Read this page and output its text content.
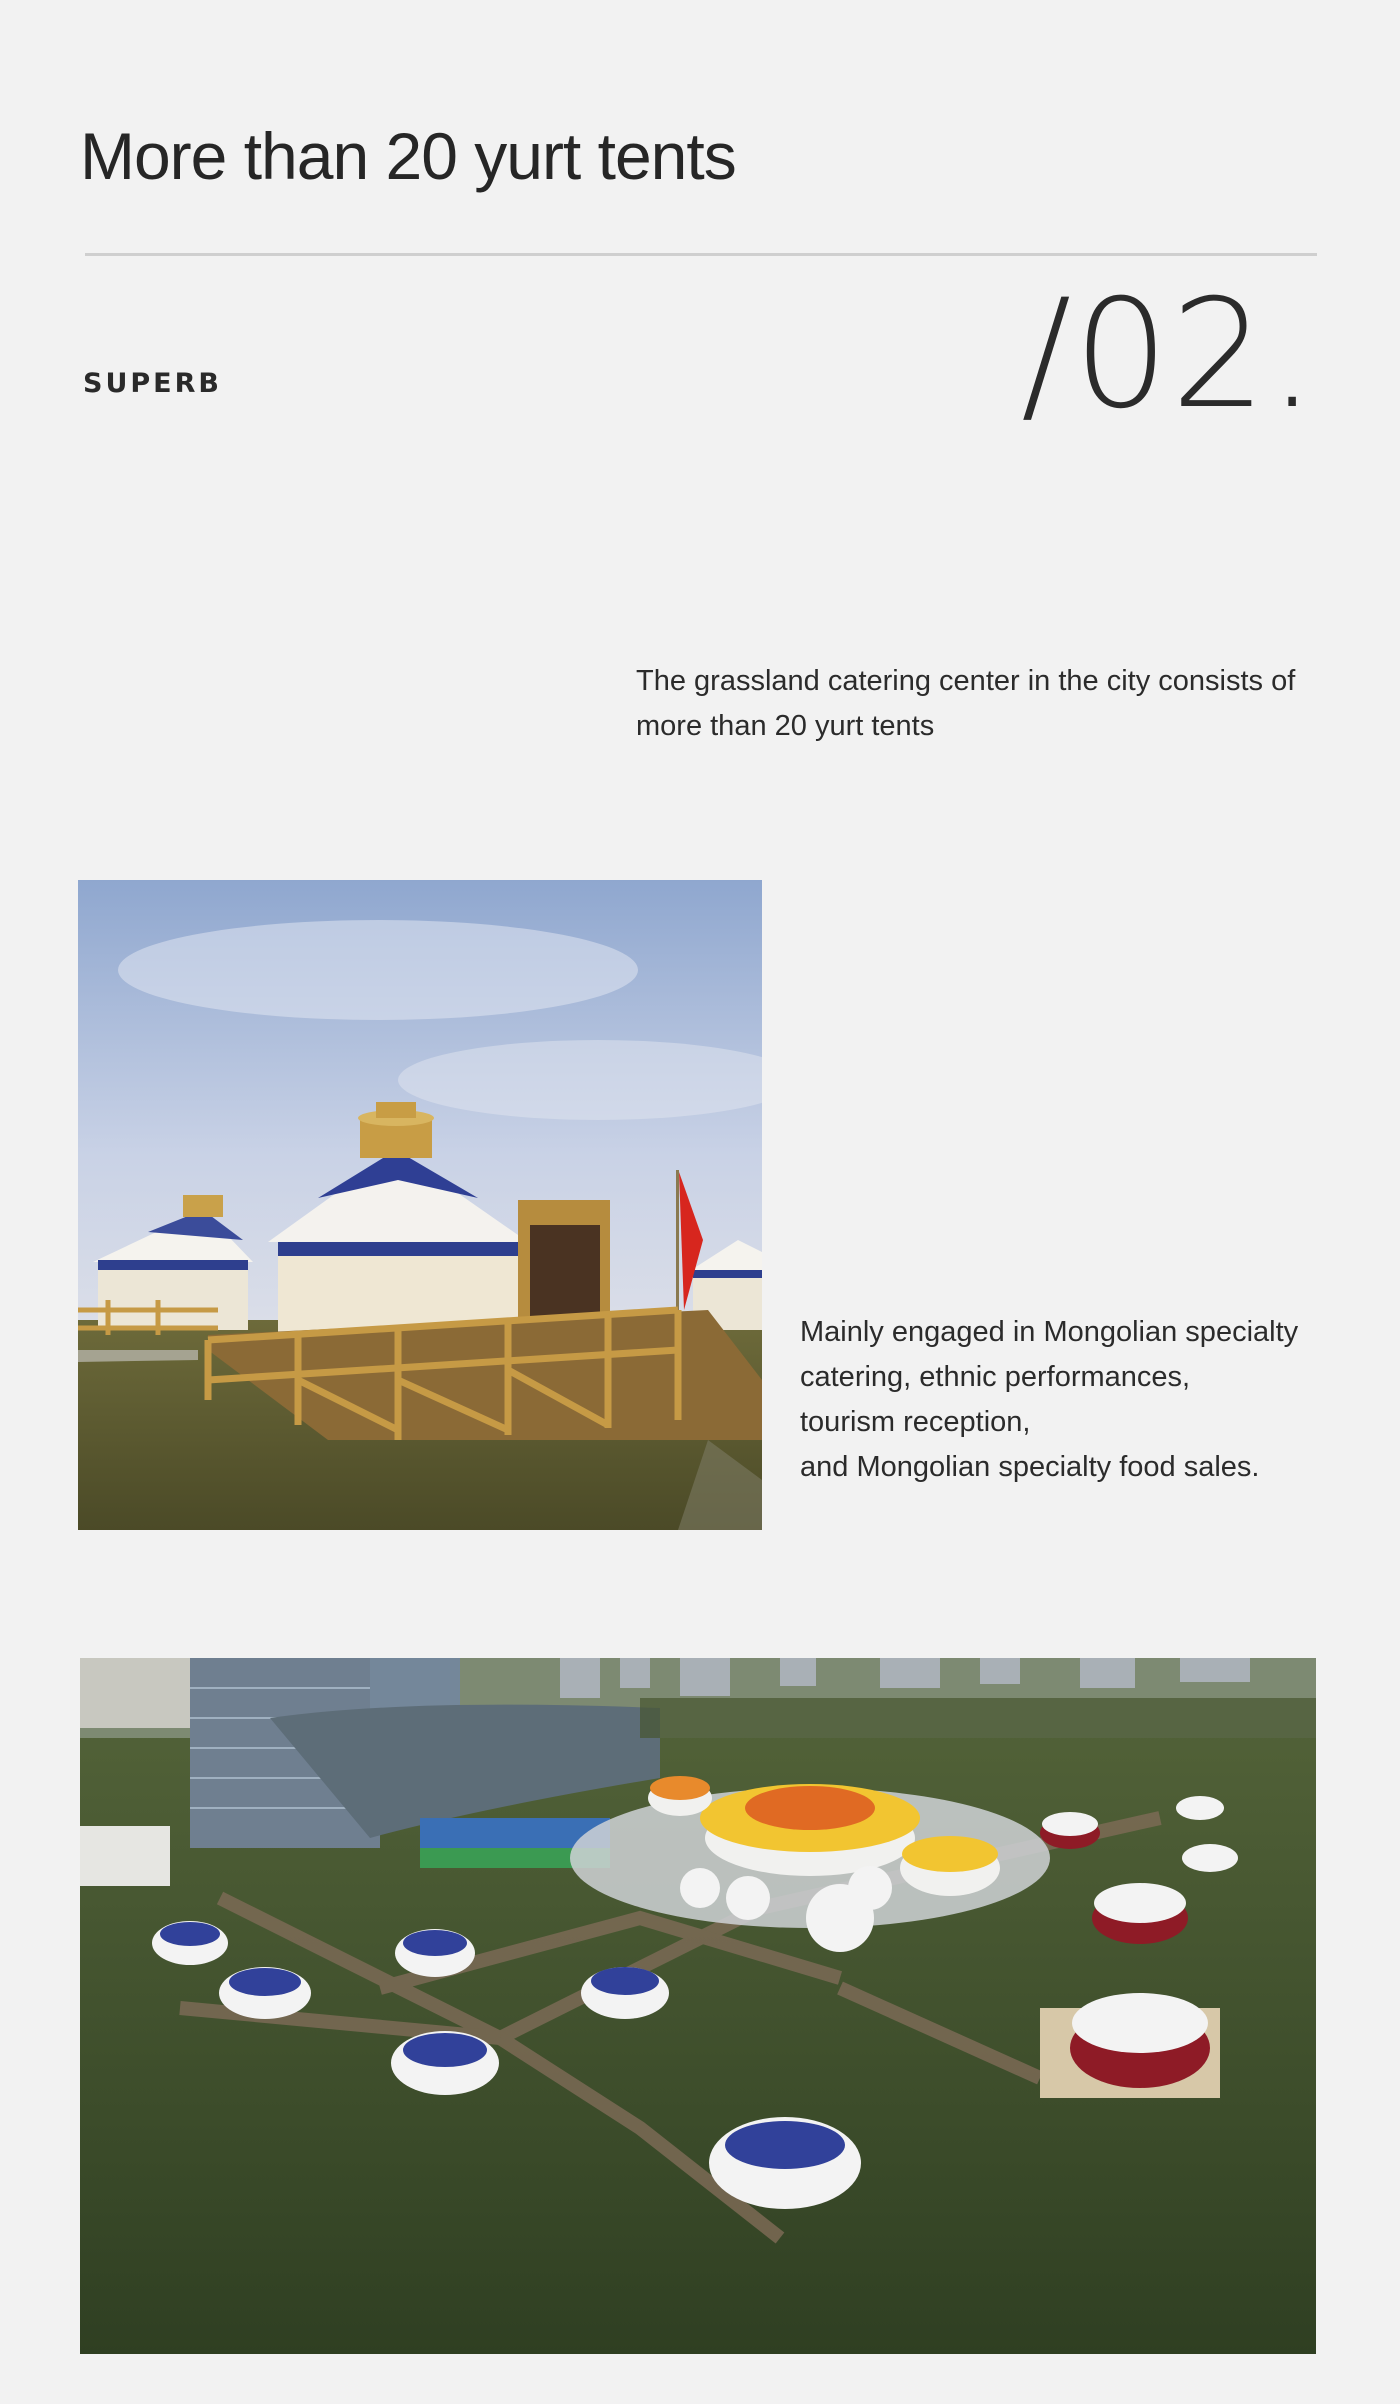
More than 20 yurt tents
SUPERB	/02.

The grassland catering center in the city consists of more than 20 yurt tents

Mainly engaged in Mongolian specialty
catering, ethnic performances,
tourism reception,
and Mongolian specialty food sales.
